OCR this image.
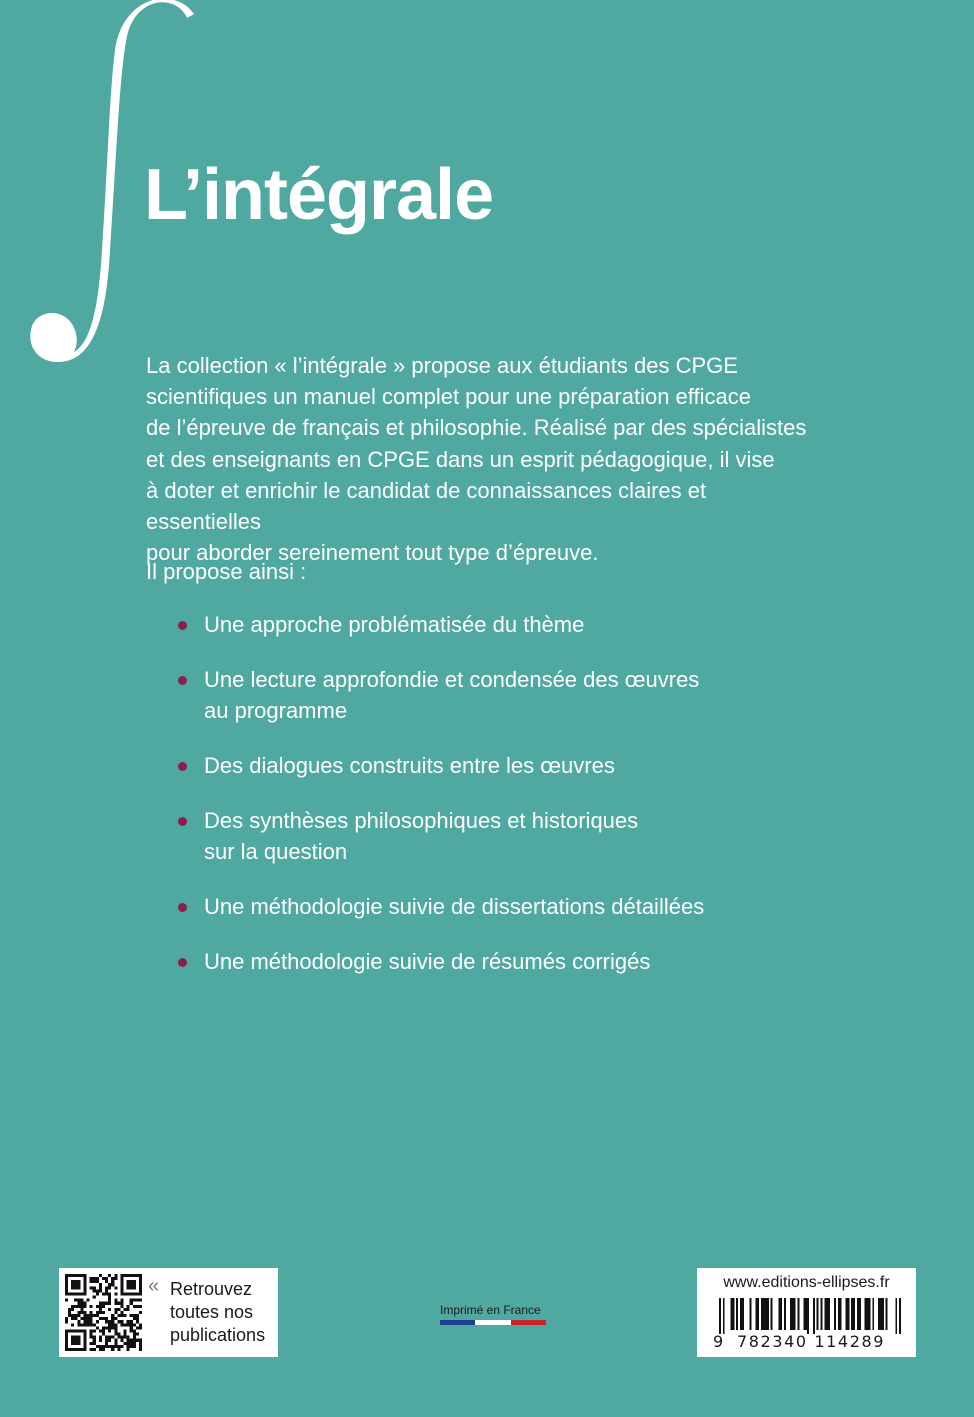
L’intégrale

La collection « l’intégrale » propose aux étudiants des CPGE

scientifiques un manuel complet pour une préparation efficace

de l’épreuve de français et philosophie. Réalisé par des spécialistes

et des enseignants en CPGE dans un esprit pédagogique, il vise

à doter et enrichir le candidat de connaissances claires et essentielles

pour aborder sereinement tout type d’épreuve.

Il propose ainsi :
Une approche problématisée du thème
Une lecture approfondie et condensée des œuvres
au programme
Des dialogues construits entre les œuvres
Des synthèses philosophiques et historiques
sur la question
Une méthodologie suivie de dissertations détaillées
Une méthodologie suivie de résumés corrigés
« Retrouvez
toutes nos
publications
Imprimé en France
www.editions-ellipses.fr
9 782340 114289
